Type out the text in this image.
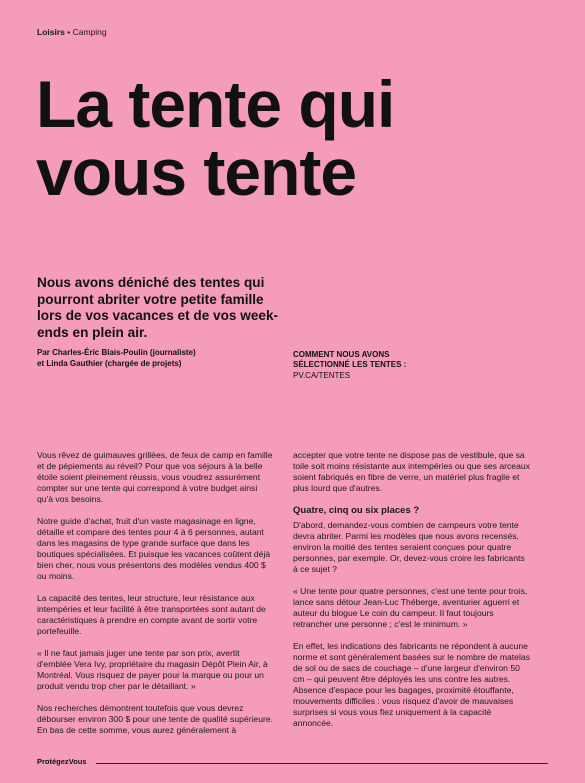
Loisirs • Camping
La tente qui
vous tente

Nous avons déniché des tentes qui pourront abriter votre petite famille lors de vos vacances et de vos week-ends en plein air.

Par Charles-Éric Blais-Poulin (journaliste)
et Linda Gauthier (chargée de projets)
COMMENT NOUS AVONS SÉLECTIONNÉ LES TENTES :
PV.CA/TENTES

Vous rêvez de guimauves grillées, de feux de camp en famille et de pépiements au réveil? Pour que vos séjours à la belle étoile soient pleinement réussis, vous voudrez assurément compter sur une tente qui correspond à votre budget ainsi qu'à vos besoins.

Notre guide d'achat, fruit d'un vaste magasinage en ligne, détaille et compare des tentes pour 4 à 6 personnes, autant dans les magasins de type grande surface que dans les boutiques spécialisées. Et puisque les vacances coûtent déjà bien cher, nous vous présentons des modèles vendus 400 $ ou moins.

La capacité des tentes, leur structure, leur résistance aux intempéries et leur facilité à être transportées sont autant de caractéristiques à prendre en compte avant de sortir votre portefeuille.

« Il ne faut jamais juger une tente par son prix, avertit d'emblée Vera Ivy, propriétaire du magasin Dépôt Plein Air, à Montréal. Vous risquez de payer pour la marque ou pour un produit vendu trop cher par le détaillant. »

Nos recherches démontrent toutefois que vous devrez débourser environ 300 $ pour une tente de qualité supérieure. En bas de cette somme, vous aurez généralement à

accepter que votre tente ne dispose pas de vestibule, que sa toile soit moins résistante aux intempéries ou que ses arceaux soient fabriqués en fibre de verre, un matériel plus fragile et plus lourd que d'autres.

Quatre, cinq ou six places ?

D'abord, demandez-vous combien de campeurs votre tente devra abriter. Parmi les modèles que nous avons recensés, environ la moitié des tentes seraient conçues pour quatre personnes, par exemple. Or, devez-vous croire les fabricants à ce sujet ?

« Une tente pour quatre personnes, c'est une tente pour trois, lance sans détour Jean-Luc Théberge, aventurier aguerri et auteur du blogue Le coin du campeur. Il faut toujours retrancher une personne ; c'est le minimum. »

En effet, les indications des fabricants ne répondent à aucune norme et sont généralement basées sur le nombre de matelas de sol ou de sacs de couchage – d'une largeur d'environ 50 cm – qui peuvent être déployés les uns contre les autres. Absence d'espace pour les bagages, proximité étouffante, mouvements difficiles : vous risquez d'avoir de mauvaises surprises si vous vous fiez uniquement à la capacité annoncée.

ProtégezVous
